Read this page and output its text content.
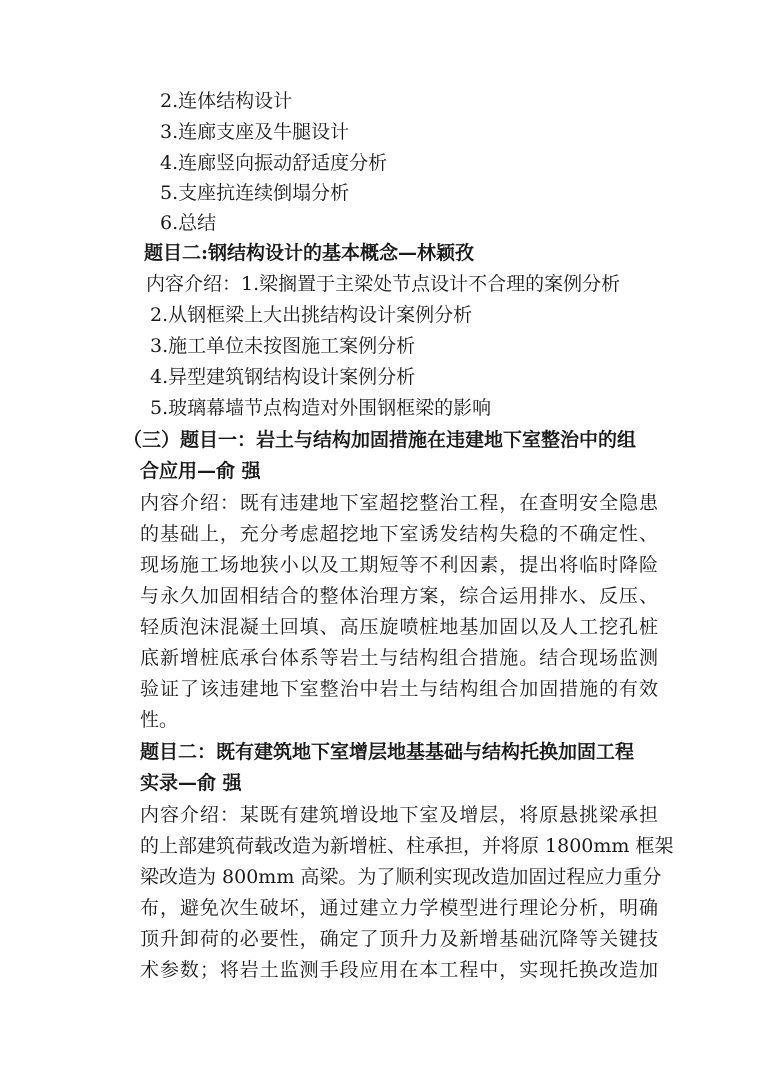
2.连体结构设计
3.连廊支座及牛腿设计
4.连廊竖向振动舒适度分析
5.支座抗连续倒塌分析
6.总结
题目二:钢结构设计的基本概念—林颖孜
内容介绍：1.梁搁置于主梁处节点设计不合理的案例分析
2.从钢框梁上大出挑结构设计案例分析
3.施工单位未按图施工案例分析
4.异型建筑钢结构设计案例分析
5.玻璃幕墙节点构造对外围钢框梁的影响
（三）题目一：岩土与结构加固措施在违建地下室整治中的组
合应用—俞 强
内容介绍：既有违建地下室超挖整治工程，在查明安全隐患
的基础上，充分考虑超挖地下室诱发结构失稳的不确定性、
现场施工场地狭小以及工期短等不利因素，提出将临时降险
与永久加固相结合的整体治理方案，综合运用排水、反压、
轻质泡沫混凝土回填、高压旋喷桩地基加固以及人工挖孔桩
底新增桩底承台体系等岩土与结构组合措施。结合现场监测
验证了该违建地下室整治中岩土与结构组合加固措施的有效
性。
题目二：既有建筑地下室增层地基基础与结构托换加固工程
实录—俞 强
内容介绍：某既有建筑增设地下室及增层，将原悬挑梁承担
的上部建筑荷载改造为新增桩、柱承担，并将原 1800mm 框架
梁改造为 800mm 高梁。为了顺利实现改造加固过程应力重分
布，避免次生破坏，通过建立力学模型进行理论分析，明确
顶升卸荷的必要性，确定了顶升力及新增基础沉降等关键技
术参数；将岩土监测手段应用在本工程中，实现托换改造加
